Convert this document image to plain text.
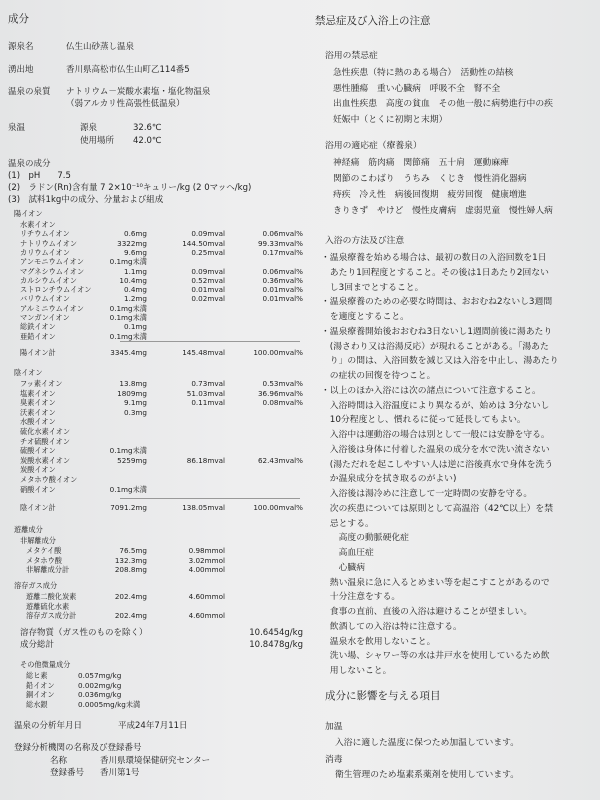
成分
源泉名	仏生山砂蒸し温泉
湧出地	香川県高松市仏生山町乙114番5
温泉の泉質 ナトリウム－炭酸水素塩・塩化物温泉
（弱アルカリ性高張性低温泉）
泉温	源泉	32.6℃
使用場所 42.0℃
温泉の成分
(1)　pH　　7.5
(2)　ラドン(Rn)含有量 7 2×10⁻¹⁰キュリー/kg (2 0マッヘ/kg)
(3)　試料1kg中の成分、分量および組成
陽イオン
水素イオン
リチウムイオン	0.6mg	0.09mval	0.06mval%
ナトリウムイオン	3322mg	144.50mval	99.33mval%
カリウムイオン	9.6mg	0.25mval	0.17mval%
アンモニウムイオン	0.1mg未満
マグネシウムイオン	1.1mg	0.09mval	0.06mval%
カルシウムイオン	10.4mg	0.52mval	0.36mval%
ストロンチウムイオン	0.4mg	0.01mval	0.01mval%
バリウムイオン	1.2mg	0.02mval	0.01mval%
アルミニウムイオン	0.1mg未満
マンガンイオン	0.1mg未満
総鉄イオン	0.1mg
亜鉛イオン	0.1mg未満
陽イオン計	3345.4mg	145.48mval	100.00mval%
陰イオン
フッ素イオン	13.8mg	0.73mval	0.53mval%
塩素イオン	1809mg	51.03mval	36.96mval%
臭素イオン	9.1mg	0.11mval	0.08mval%
沃素イオン	0.3mg
水酸イオン
硫化水素イオン
チオ硫酸イオン
硫酸イオン	0.1mg未満
炭酸水素イオン	5259mg	86.18mval	62.43mval%
炭酸イオン
メタホウ酸イオン
硝酸イオン	0.1mg未満
陰イオン計	7091.2mg	138.05mval	100.00mval%
遊離成分
非解離成分
メタケイ酸	76.5mg	0.98mmol
メタホウ酸	132.3mg	3.02mmol
非解離成分計	208.8mg	4.00mmol
溶存ガス成分
遊離二酸化炭素	202.4mg	4.60mmol
遊離硫化水素
溶存ガス成分計	202.4mg	4.60mmol
溶存物質（ガス性のものを除く）	10.6454g/kg
成分総計	10.8478g/kg
その他微量成分
総ヒ素	0.057mg/kg
鉛イオン	0.002mg/kg
銅イオン	0.036mg/kg
総水銀	0.0005mg/kg未満
温泉の分析年月日	平成24年7月11日
登録分析機関の名称及び登録番号
名称	香川県環境保健研究センター
登録番号 香川第1号
禁忌症及び入浴上の注意
浴用の禁忌症
急性疾患（特に熱のある場合）　活動性の結核
悪性腫瘍　重い心臓病　呼吸不全　腎不全
出血性疾患　高度の貧血　その他一般に病勢進行中の疾
妊娠中（とくに初期と末期）
浴用の適応症（療養泉）
神経痛　筋肉痛　関節痛　五十肩　運動麻痺
関節のこわばり　うちみ　くじき　慢性消化器病
痔疾　冷え性　病後回復期　疲労回復　健康増進
きりきず　やけど　慢性皮膚病　虚弱児童　慢性婦人病
入浴の方法及び注意
・温泉療養を始める場合は、最初の数日の入浴回数を1日
　あたり1回程度とすること。その後は1日あたり2回ない
　し3回までとすること。
・温泉療養のための必要な時間は、おおむね2ないし3週間
　を適度とすること。
・温泉療養開始後おおむね3日ないし1週間前後に湯あたり
　(湯さわり又は浴湯反応）が現れることがある。「湯あた
　り」の間は、入浴回数を減じ又は入浴を中止し、湯あたり
　の症状の回復を待つこと。
・以上のほか入浴には次の諸点について注意すること。
　入浴時間は入浴温度により異なるが、始めは 3分ないし
　10分程度とし、慣れるに従って延長してもよい。
　入浴中は運動浴の場合は別として一般には安静を守る。
　入浴後は身体に付着した温泉の成分を水で洗い流さない
　(湯ただれを起こしやすい人は逆に浴後真水で身体を洗う
　か温泉成分を拭き取るのがよい)
　入浴後は湯冷めに注意して一定時間の安静を守る。
　次の疾患については原則として高温浴（42℃以上）を禁
　忌とする。
　　高度の動脈硬化症
　　高血圧症
　　心臓病
　熱い温泉に急に入るとめまい等を起こすことがあるので
　十分注意をする。
　食事の直前、直後の入浴は避けることが望ましい。
　飲酒しての入浴は特に注意する。
　温泉水を飲用しないこと。
　洗い場、シャワー等の水は井戸水を使用しているため飲
　用しないこと。
成分に影響を与える項目
加温
入浴に適した温度に保つため加温しています。
消毒
衛生管理のため塩素系薬剤を使用しています。
